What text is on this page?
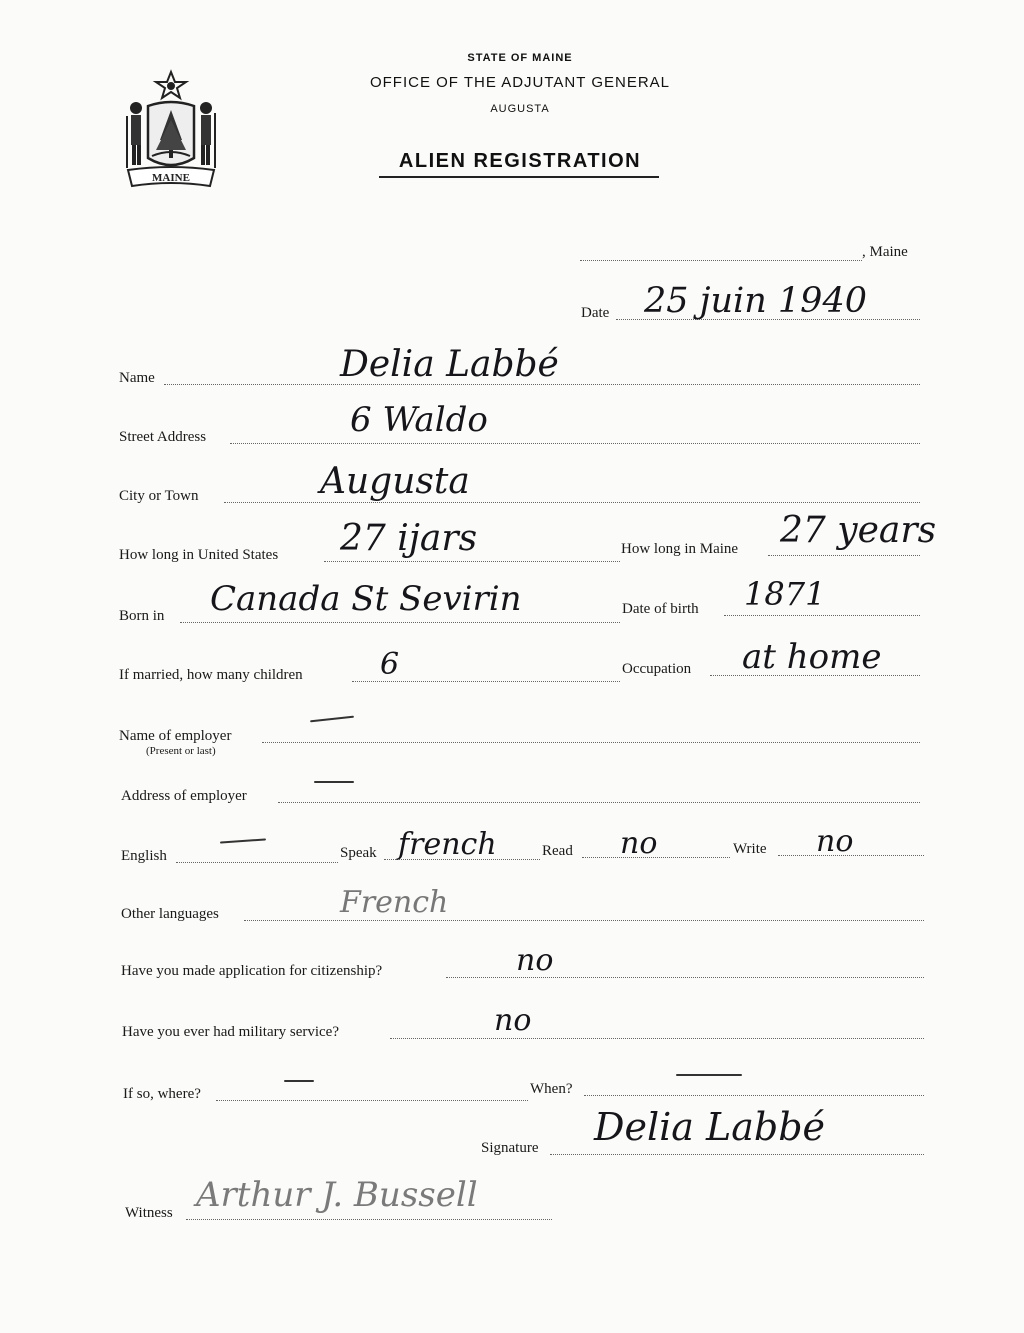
MAINE
STATE OF MAINE
OFFICE OF THE ADJUTANT GENERAL
AUGUSTA
ALIEN REGISTRATION
, Maine
Date 25 juin 1940
Name	Delia Labbé
Street Address	6 Waldo
City or Town	Augusta
How long in United States 27 ijars	How long in Maine 27 years
Born in Canada St Sevirin	Date of birth 1871
If married, how many children	6	Occupation at home
Name of employer
(Present or last)
Address of employer
English	Speak french	Read no	Write no
Other languages	French
Have you made application for citizenship?	no
Have you ever had military service?	no
If so, where?	When?
Signature Delia Labbé
Witness Arthur J. Bussell
